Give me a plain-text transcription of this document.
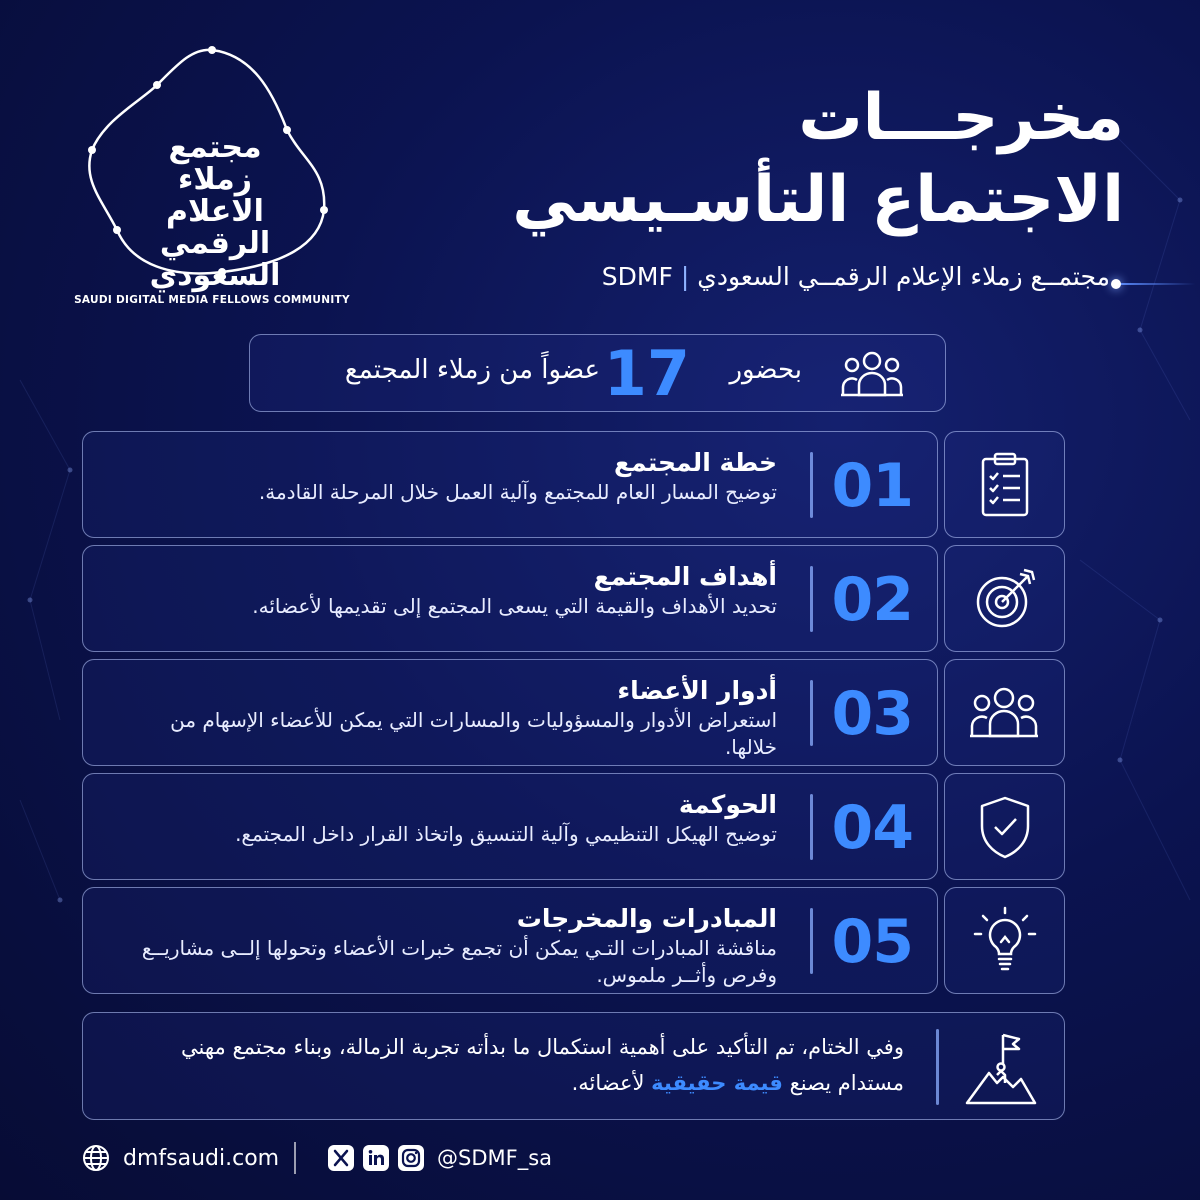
مجتمع
زملاء
الاعلام
الرقمي
السعودي
SAUDI DIGITAL MEDIA FELLOWS COMMUNITY
مخرجـــات
الاجتماع التأسـيسي
مجتمــع زملاء الإعلام الرقمــي السعودي|SDMF
بحضور
17
عضواً من زملاء المجتمع
01
خطة المجتمع
توضيح المسار العام للمجتمع وآلية العمل خلال المرحلة القادمة.
02
أهداف المجتمع
تحديد الأهداف والقيمة التي يسعى المجتمع إلى تقديمها لأعضائه.
03
أدوار الأعضاء
استعراض الأدوار والمسؤوليات والمسارات التي يمكن للأعضاء الإسهام من خلالها.
04
الحوكمة
توضيح الهيكل التنظيمي وآلية التنسيق واتخاذ القرار داخل المجتمع.
05
المبادرات والمخرجات
مناقشة المبادرات التـي يمكن أن تجمع خبرات الأعضاء وتحولها إلــى مشاريــع وفرص وأثــر ملموس.
وفي الختام، تم التأكيد على أهمية استكمال ما بدأته تجربة الزمالة، وبناء مجتمع مهني مستدام يصنع قيمة حقيقية لأعضائه.
dmfsaudi.com	@SDMF_sa
